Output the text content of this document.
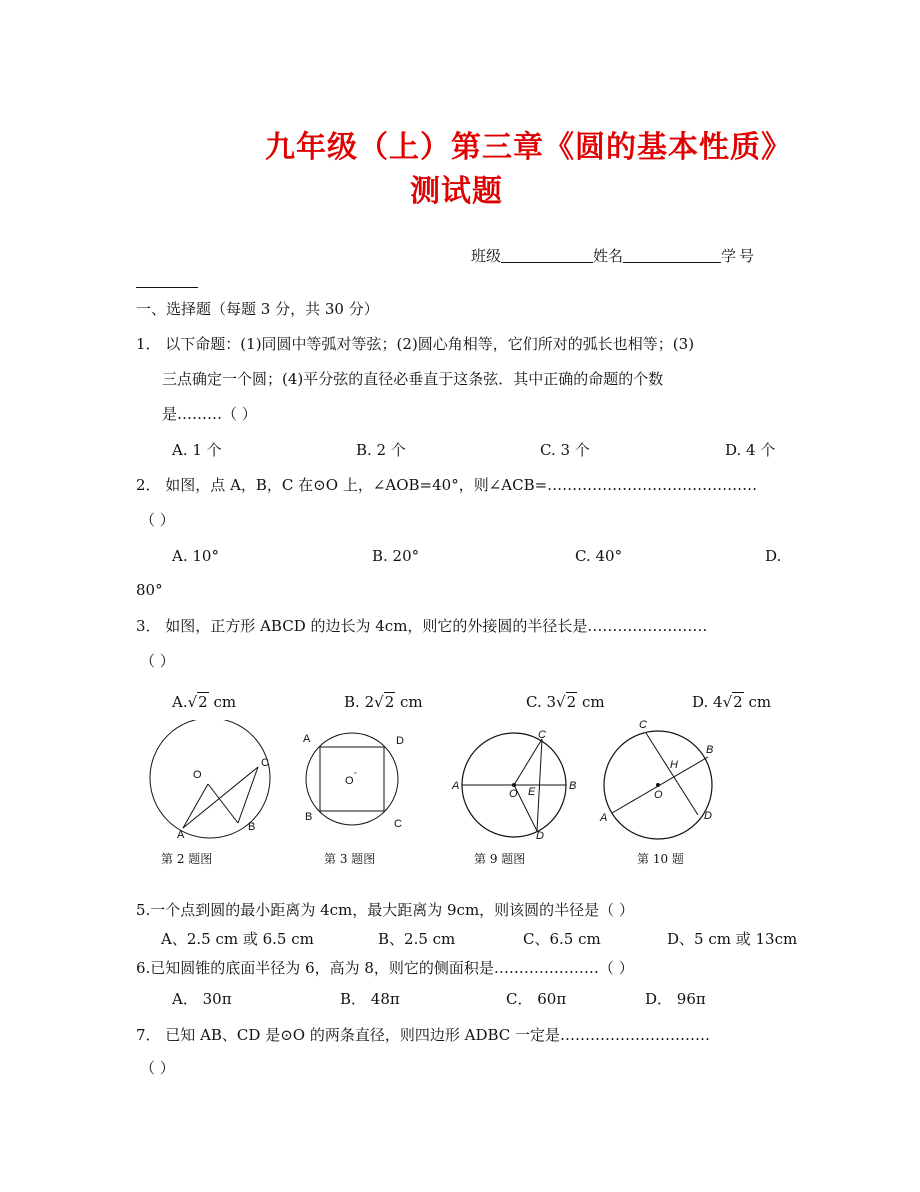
九年级（上）第三章《圆的基本性质》
测试题
班级	姓名	学号
一、选择题（每题 3 分，共 30 分）
1． 以下命题：(1)同圆中等弧对等弦；(2)圆心角相等，它们所对的弧长也相等；(3)
三点确定一个圆；(4)平分弦的直径必垂直于这条弦．其中正确的命题的个数
是………（ ）
A. 1 个	B. 2 个	C. 3 个	D. 4 个
2． 如图，点 A，B，C 在⊙O 上，∠AOB=40°，则∠ACB=……………………………………
（ ）
A. 10°	B. 20°	C. 40°	D.
80°
3． 如图，正方形 ABCD 的边长为 4cm，则它的外接圆的半径长是……………………
（ ）
A.√2 cm	B. 2√2 cm	C. 3√2 cm	D. 4√2 cm
O
A
B
C
第 2 题图
A	D
B
C
O °
第 3 题图
A	B
C
D
O E
第 9 题图
A
B
C
D
O
H
第 10 题
5.一个点到圆的最小距离为 4cm，最大距离为 9cm，则该圆的半径是（ ）
A、2.5 cm 或 6.5 cm	B、2.5 cm	C、6.5 cm	D、5 cm 或 13cm
6.已知圆锥的底面半径为 6，高为 8，则它的侧面积是…………………（ ）
A． 30π	B． 48π	C． 60π	D． 96π
7． 已知 AB、CD 是⊙O 的两条直径，则四边形 ADBC 一定是…………………………
（ ）
